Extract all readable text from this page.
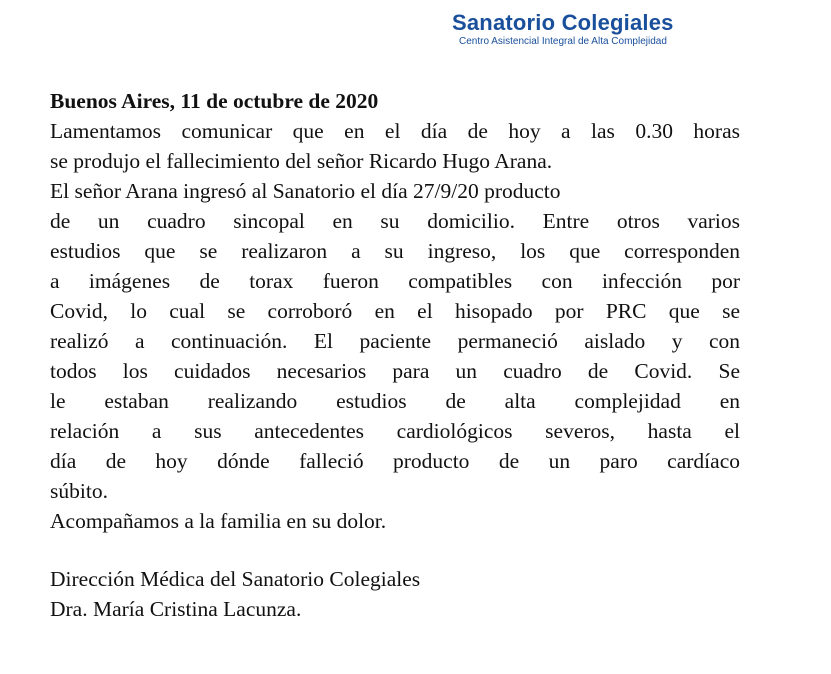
Sanatorio Colegiales
Centro Asistencial Integral de Alta Complejidad

Buenos Aires, 11 de octubre de 2020

Lamentamos comunicar que en el día de hoy a las 0.30 horas
se produjo el fallecimiento del señor Ricardo Hugo Arana.
El señor Arana ingresó al Sanatorio el día 27/9/20 producto
de un cuadro sincopal en su domicilio. Entre otros varios
estudios que se realizaron a su ingreso, los que corresponden
a imágenes de torax fueron compatibles con infección por
Covid, lo cual se corroboró en el hisopado por PRC que se
realizó a continuación. El paciente permaneció aislado y con
todos los cuidados necesarios para un cuadro de Covid. Se
le estaban realizando estudios de alta complejidad en
relación a sus antecedentes cardiológicos severos, hasta el
día de hoy dónde falleció producto de un paro cardíaco
súbito.
Acompañamos a la familia en su dolor.

Dirección Médica del Sanatorio Colegiales

Dra. María Cristina Lacunza.
